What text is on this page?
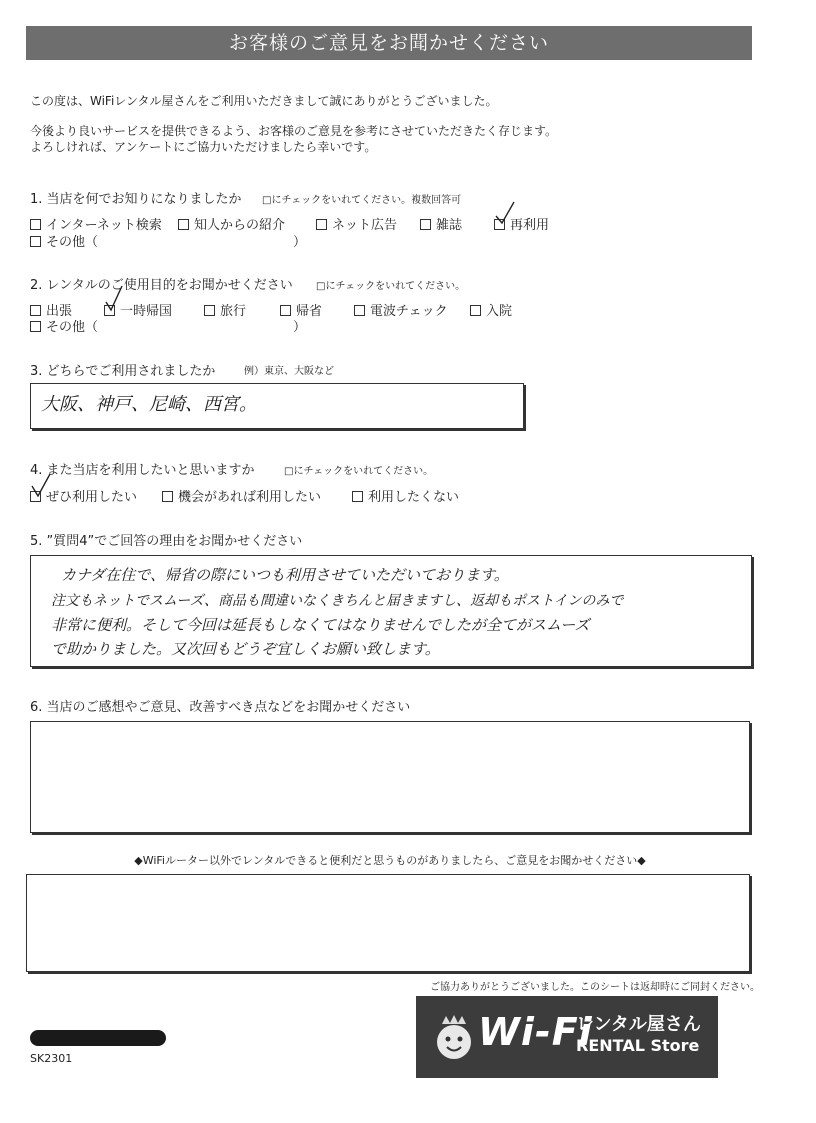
お客様のご意見をお聞かせください
この度は、WiFiレンタル屋さんをご利用いただきまして誠にありがとうございました。
今後より良いサービスを提供できるよう、お客様のご意見を参考にさせていただきたく存じます。
よろしければ、アンケートにご協力いただけましたら幸いです。
1. 当店を何でお知りになりましたか □にチェックをいれてください。複数回答可
インターネット検索	知人からの紹介	ネット広告	雑誌	再利用
その他（　　　　　　　　　　　　　　　）
2. レンタルのご使用目的をお聞かせください □にチェックをいれてください。
出張	一時帰国	旅行	帰省	電波チェック	入院
その他（　　　　　　　　　　　　　　　）
3. どちらでご利用されましたか	例）東京、大阪など
大阪、神戸、尼崎、西宮。
4. また当店を利用したいと思いますか	□にチェックをいれてください。
ぜひ利用したい	機会があれば利用したい	利用したくない
5. ”質問4”でご回答の理由をお聞かせください
カナダ在住で、帰省の際にいつも利用させていただいております。
注文もネットでスムーズ、商品も間違いなくきちんと届きますし、返却もポストインのみで
非常に便利。そして今回は延長もしなくてはなりませんでしたが全てがスムーズ
で助かりました。又次回もどうぞ宜しくお願い致します。
6. 当店のご感想やご意見、改善すべき点などをお聞かせください
◆WiFiルーター以外でレンタルできると便利だと思うものがありましたら、ご意見をお聞かせください◆
ご協力ありがとうございました。このシートは返却時にご同封ください。
Wi-Fi
レンタル屋さん
RENTAL Store
SK2301
